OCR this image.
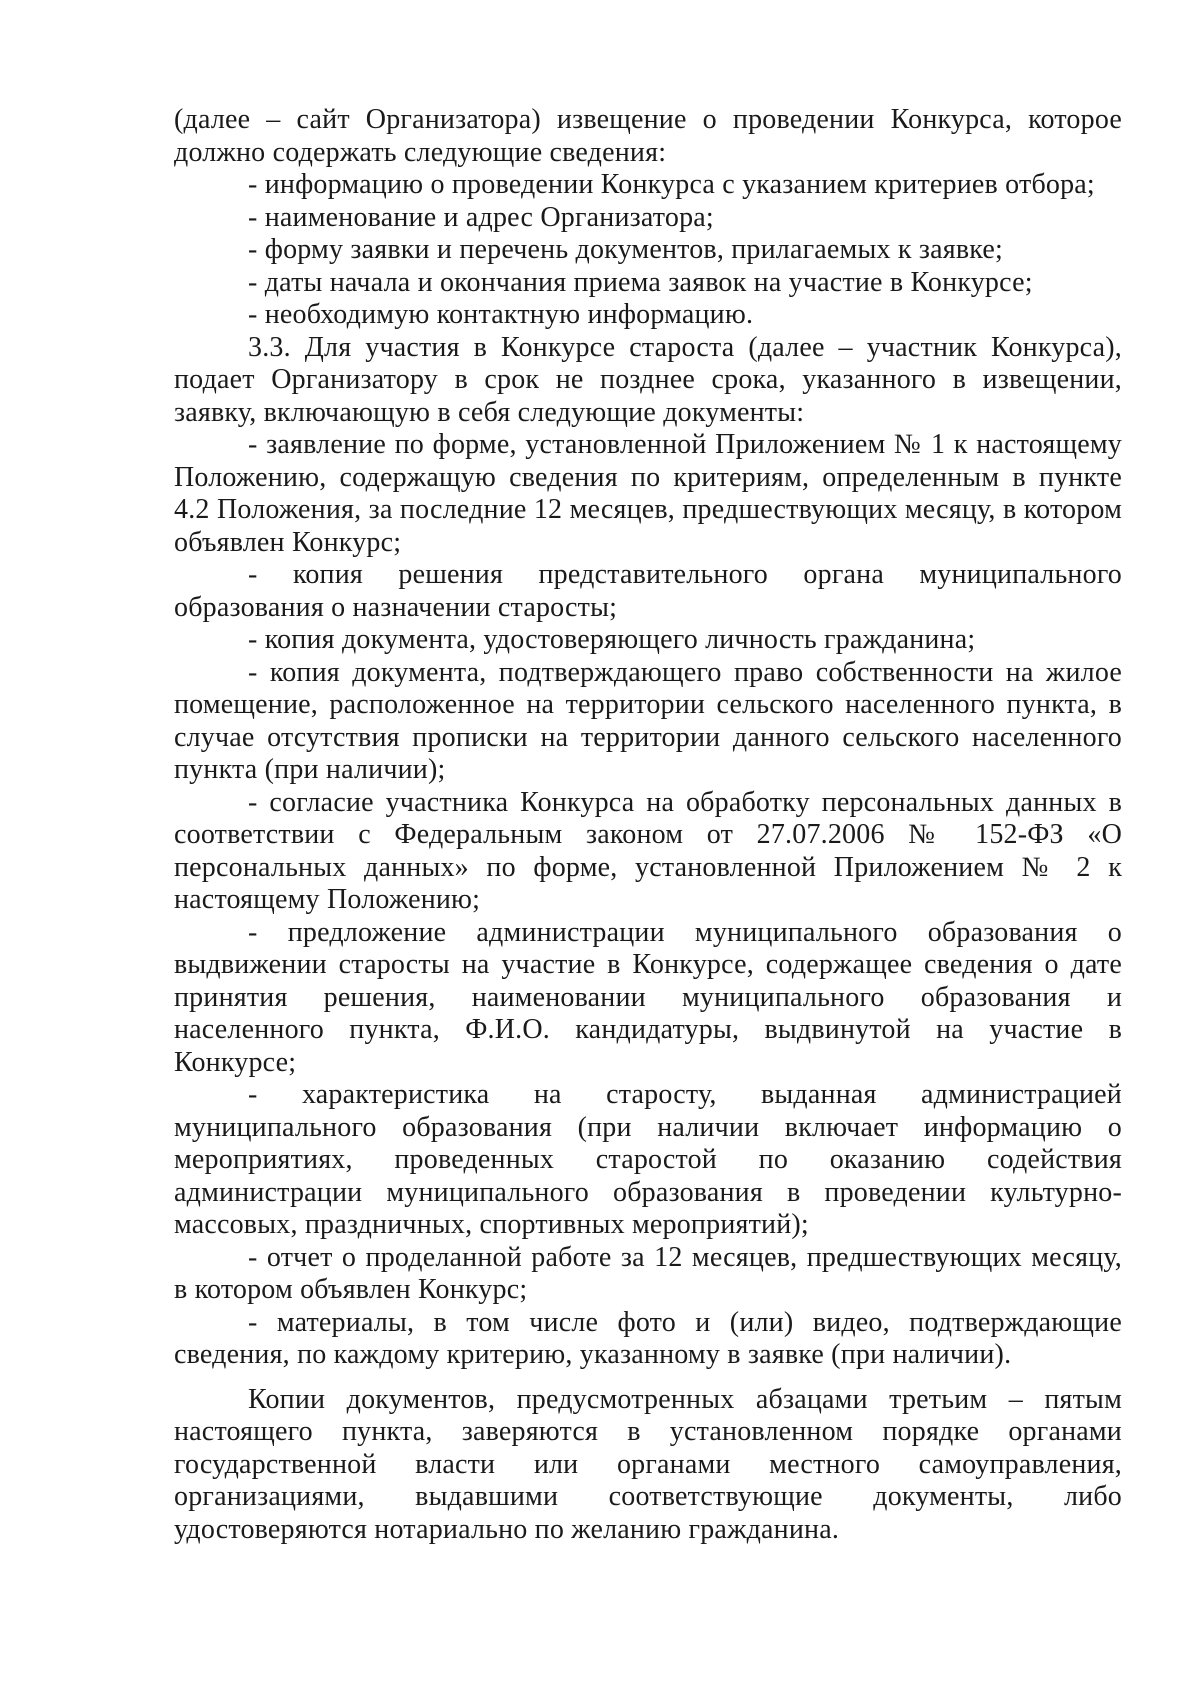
(далее – сайт Организатора) извещение о проведении Конкурса, которое должно содержать следующие сведения:

- информацию о проведении Конкурса с указанием критериев отбора;

- наименование и адрес Организатора;

- форму заявки и перечень документов, прилагаемых к заявке;

- даты начала и окончания приема заявок на участие в Конкурсе;

- необходимую контактную информацию.

3.3. Для участия в Конкурсе староста (далее – участник Конкурса), подает Организатору в срок не позднее срока, указанного в извещении, заявку, включающую в себя следующие документы:

- заявление по форме, установленной Приложением № 1 к настоящему Положению, содержащую сведения по критериям, определенным в пункте 4.2 Положения, за последние 12 месяцев, предшествующих месяцу, в котором объявлен Конкурс;

- копия решения представительного органа муниципального образования о назначении старосты;

- копия документа, удостоверяющего личность гражданина;

- копия документа, подтверждающего право собственности на жилое помещение, расположенное на территории сельского населенного пункта, в случае отсутствия прописки на территории данного сельского населенного пункта (при наличии);

- согласие участника Конкурса на обработку персональных данных в соответствии с Федеральным законом от 27.07.2006 № 152-ФЗ «О персональных данных» по форме, установленной Приложением № 2 к настоящему Положению;

- предложение администрации муниципального образования о выдвижении старосты на участие в Конкурсе, содержащее сведения о дате принятия решения, наименовании муниципального образования и населенного пункта, Ф.И.О. кандидатуры, выдвинутой на участие в Конкурсе;

- характеристика на старосту, выданная администрацией муниципального образования (при наличии включает информацию о мероприятиях, проведенных старостой по оказанию содействия администрации муниципального образования в проведении культурно-массовых, праздничных, спортивных мероприятий);

- отчет о проделанной работе за 12 месяцев, предшествующих месяцу, в котором объявлен Конкурс;

- материалы, в том числе фото и (или) видео, подтверждающие сведения, по каждому критерию, указанному в заявке (при наличии).

Копии документов, предусмотренных абзацами третьим – пятым настоящего пункта, заверяются в установленном порядке органами государственной власти или органами местного самоуправления, организациями, выдавшими соответствующие документы, либо удостоверяются нотариально по желанию гражданина.
